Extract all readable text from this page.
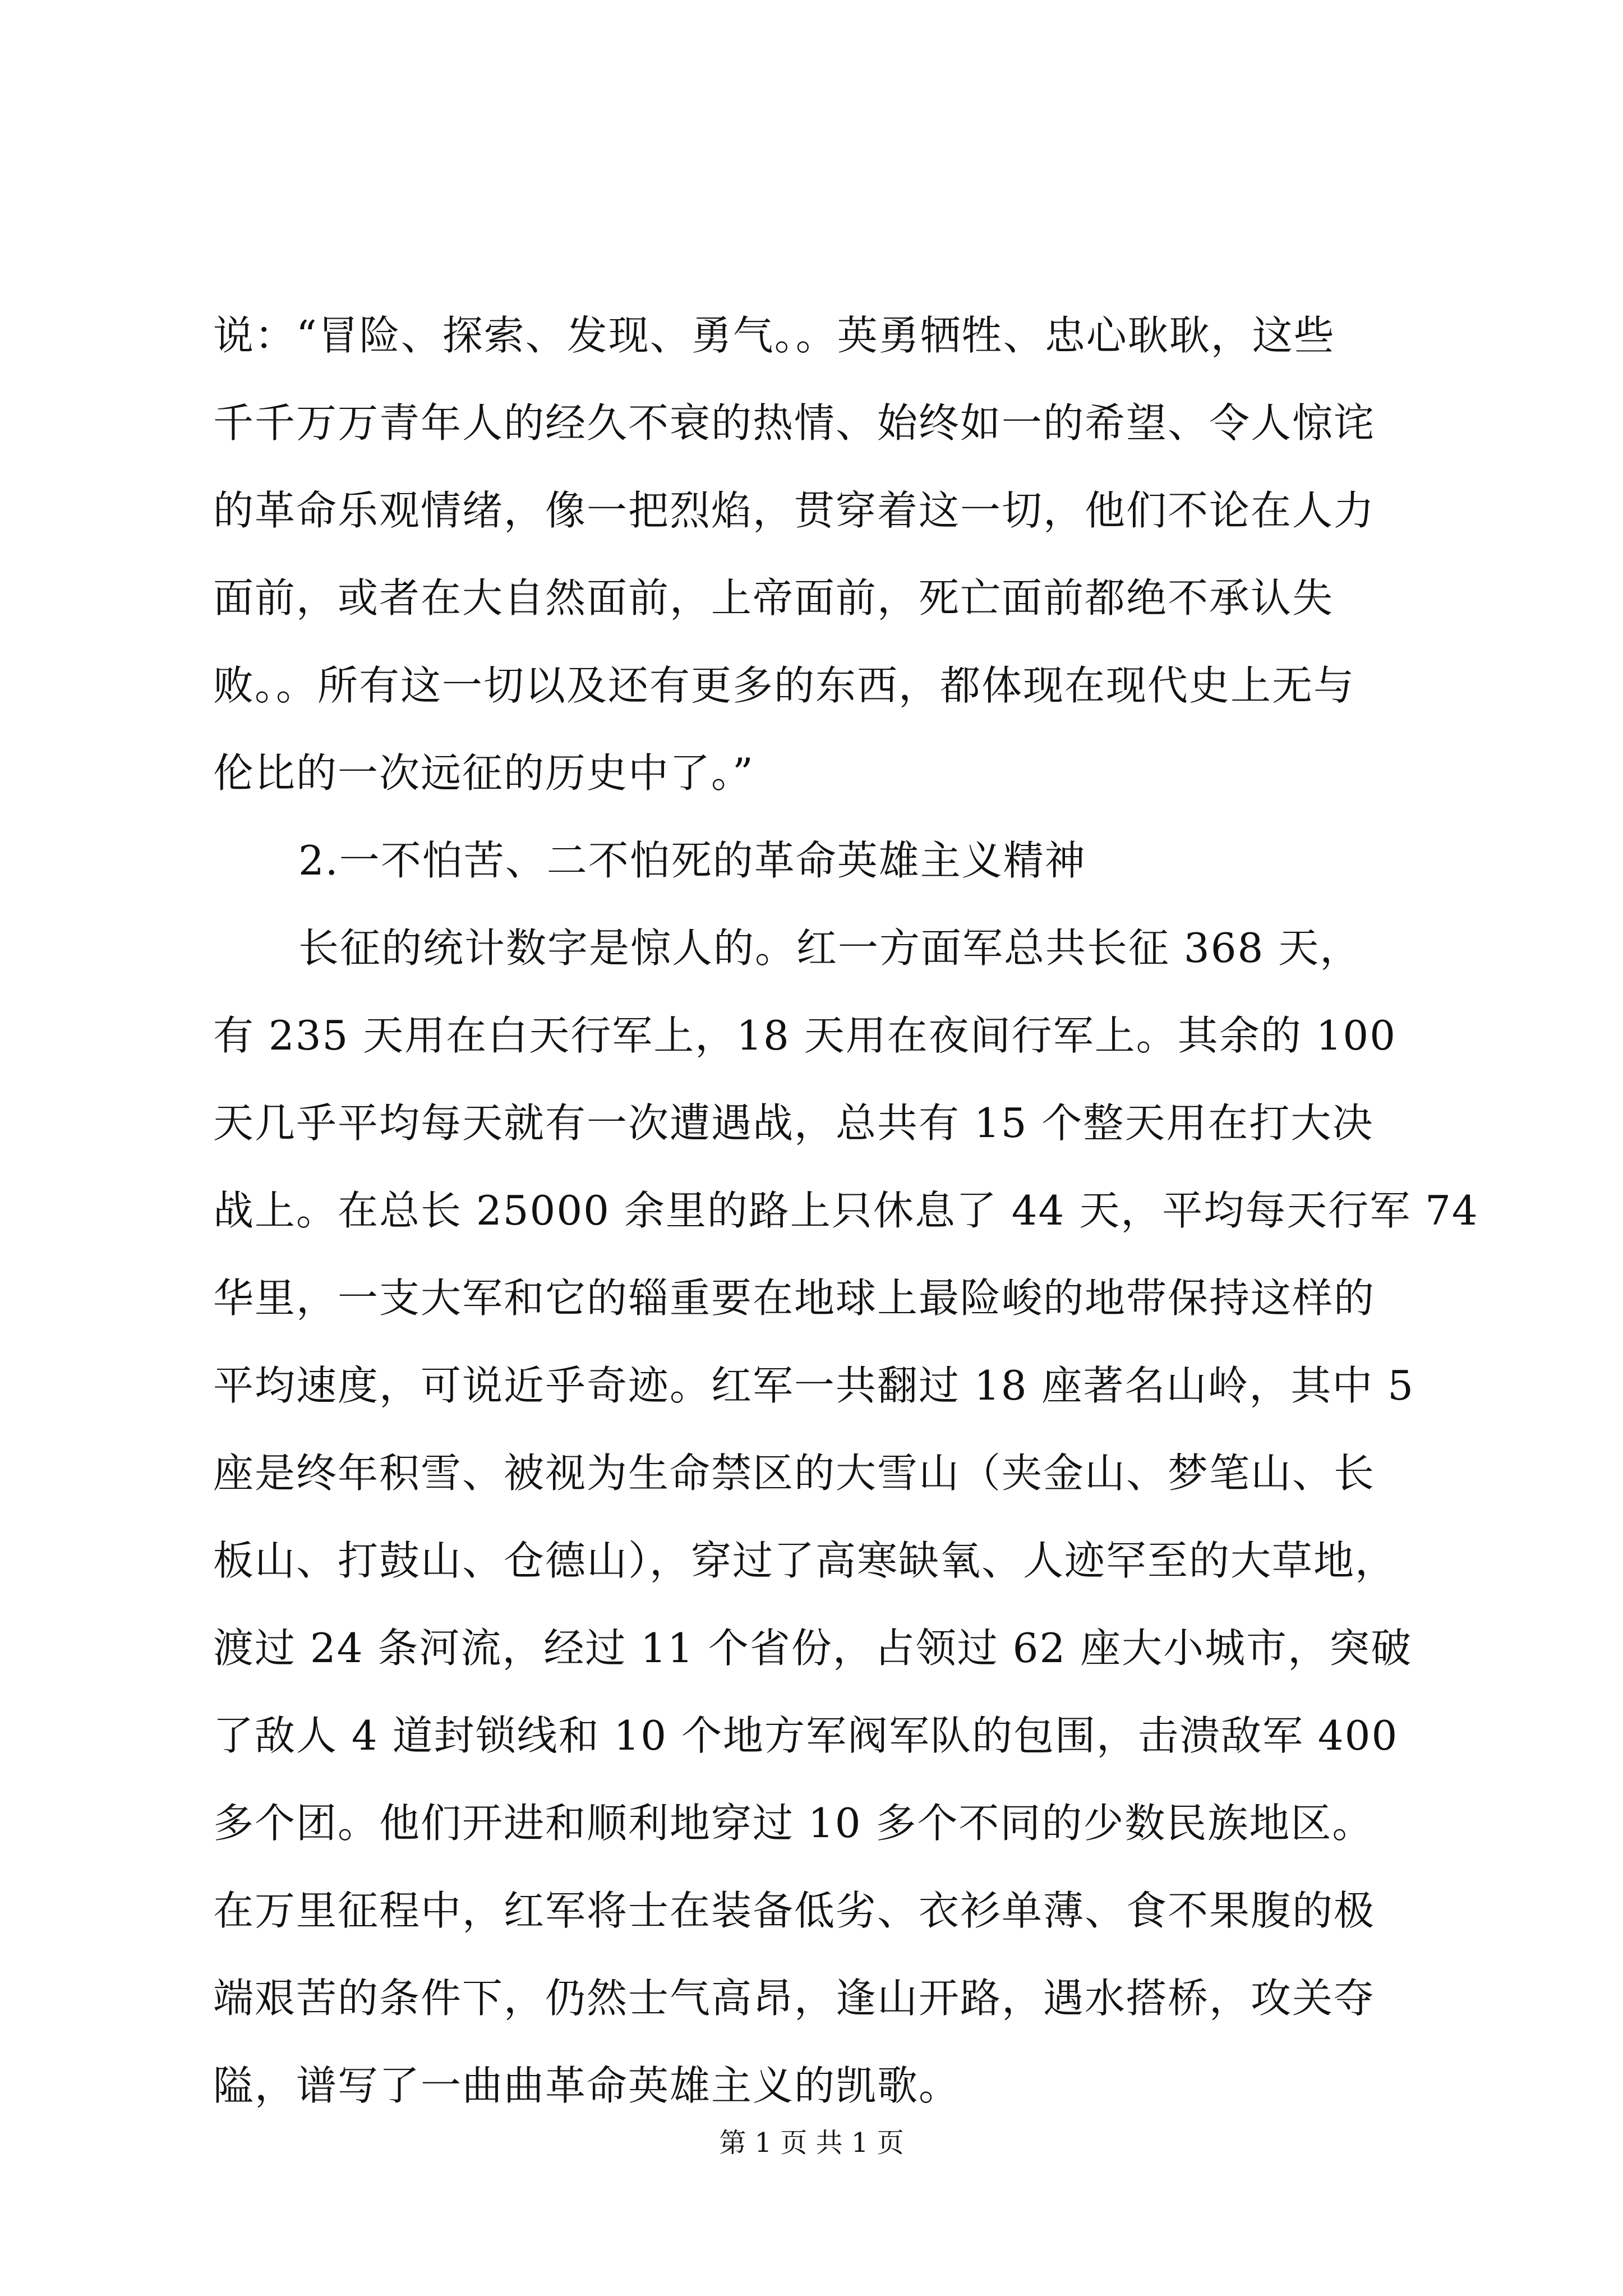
说：“冒险、探索、发现、勇气。。英勇牺牲、忠心耿耿，这些
千千万万青年人的经久不衰的热情、始终如一的希望、令人惊诧
的革命乐观情绪，像一把烈焰，贯穿着这一切，他们不论在人力
面前，或者在大自然面前，上帝面前，死亡面前都绝不承认失
败。。所有这一切以及还有更多的东西，都体现在现代史上无与
伦比的一次远征的历史中了。”
2.一不怕苦、二不怕死的革命英雄主义精神
长征的统计数字是惊人的。红一方面军总共长征 368 天，
有 235 天用在白天行军上，18 天用在夜间行军上。其余的 100
天几乎平均每天就有一次遭遇战，总共有 15 个整天用在打大决
战上。在总长 25000 余里的路上只休息了 44 天，平均每天行军 74
华里，一支大军和它的辎重要在地球上最险峻的地带保持这样的
平均速度，可说近乎奇迹。红军一共翻过 18 座著名山岭，其中 5
座是终年积雪、被视为生命禁区的大雪山（夹金山、梦笔山、长
板山、打鼓山、仓德山），穿过了高寒缺氧、人迹罕至的大草地，
渡过 24 条河流，经过 11 个省份，占领过 62 座大小城市，突破
了敌人 4 道封锁线和 10 个地方军阀军队的包围，击溃敌军 400
多个团。他们开进和顺利地穿过 10 多个不同的少数民族地区。
在万里征程中，红军将士在装备低劣、衣衫单薄、食不果腹的极
端艰苦的条件下，仍然士气高昂，逢山开路，遇水搭桥，攻关夺
隘，谱写了一曲曲革命英雄主义的凯歌。
第 1 页 共 1 页
